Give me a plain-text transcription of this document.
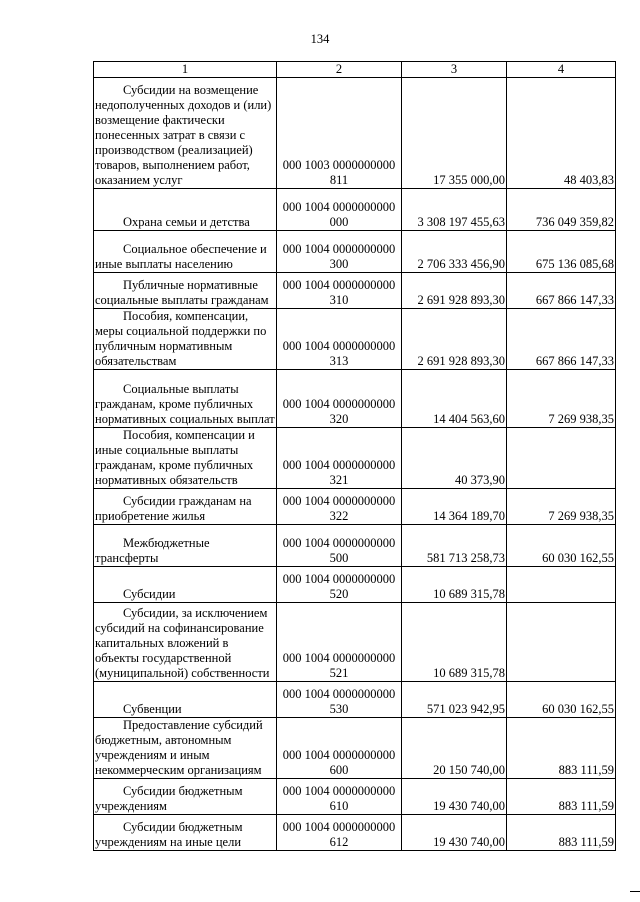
134
1	2	3	4
Субсидии на возмещение недополученных доходов и (или) возмещение фактически понесенных затрат в связи с производством (реализацией) товаров, выполнением работ, оказанием услуг	000 1003 0000000000
811	17 355 000,00	48 403,83
Охрана семьи и детства	000 1004 0000000000
000	3 308 197 455,63	736 049 359,82
Социальное обеспечение и иные выплаты населению	000 1004 0000000000
300	2 706 333 456,90	675 136 085,68
Публичные нормативные социальные выплаты гражданам	000 1004 0000000000
310	2 691 928 893,30	667 866 147,33
Пособия, компенсации, меры социальной поддержки по публичным нормативным обязательствам	000 1004 0000000000
313	2 691 928 893,30	667 866 147,33
Социальные выплаты гражданам, кроме публичных нормативных социальных выплат	000 1004 0000000000
320	14 404 563,60	7 269 938,35
Пособия, компенсации и иные социальные выплаты гражданам, кроме публичных нормативных обязательств	000 1004 0000000000
321	40 373,90	
Субсидии гражданам на приобретение жилья	000 1004 0000000000
322	14 364 189,70	7 269 938,35
Межбюджетные трансферты	000 1004 0000000000
500	581 713 258,73	60 030 162,55
Субсидии	000 1004 0000000000
520	10 689 315,78	
Субсидии, за исключением субсидий на софинансирование капитальных вложений в объекты государственной (муниципальной) собственности	000 1004 0000000000
521	10 689 315,78	
Субвенции	000 1004 0000000000
530	571 023 942,95	60 030 162,55
Предоставление субсидий бюджетным, автономным учреждениям и иным некоммерческим организациям	000 1004 0000000000
600	20 150 740,00	883 111,59
Субсидии бюджетным учреждениям	000 1004 0000000000
610	19 430 740,00	883 111,59
Субсидии бюджетным учреждениям на иные цели	000 1004 0000000000
612	19 430 740,00	883 111,59
